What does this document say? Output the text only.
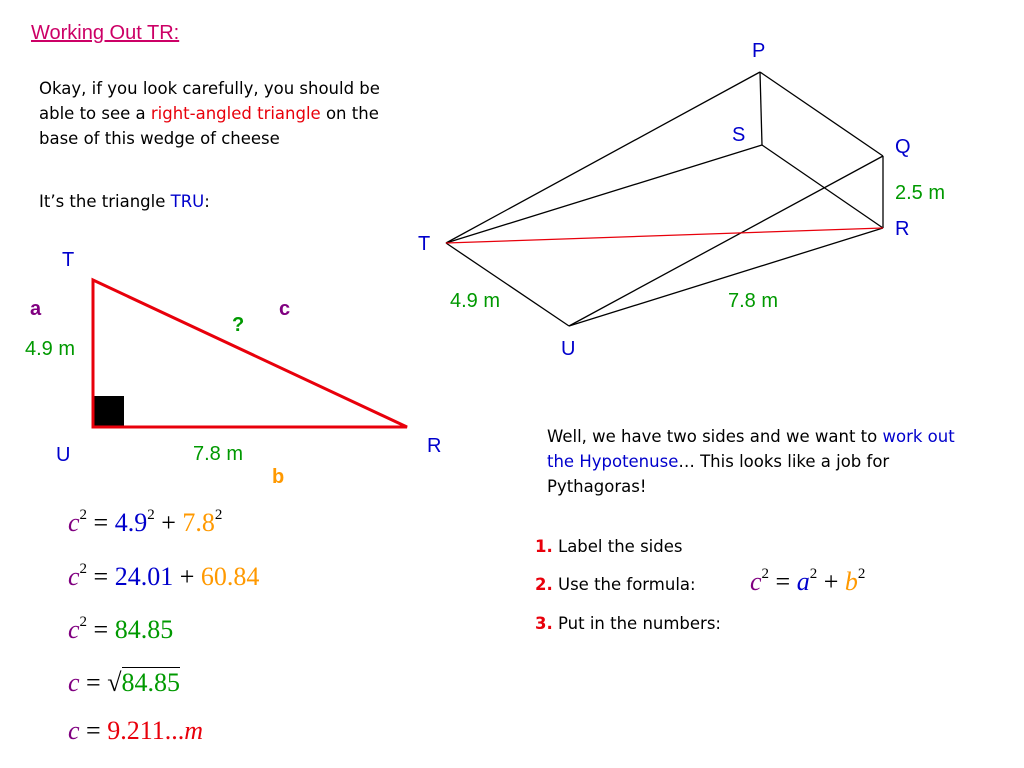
Working Out TR:
Okay, if you look carefully, you should be able to see a right-angled triangle on the base of this wedge of cheese
It’s the triangle TRU:
P
S
Q
R
T
U
2.5 m
4.9 m	7.8 m
T
U	R
a
4.9 m
c
?
7.8 m
b
Well, we have two sides and we want to work out the Hypotenuse… This looks like a job for Pythagoras!
1. Label the sides
2. Use the formula: $c^2 = a^2 + b^2$
3. Put in the numbers:
$c^2 = 4.9^2 + 7.8^2$
$c^2 = 24.01 + 60.84$
$c^2 = 84.85$
c = √84.85
c = 9.211...m
